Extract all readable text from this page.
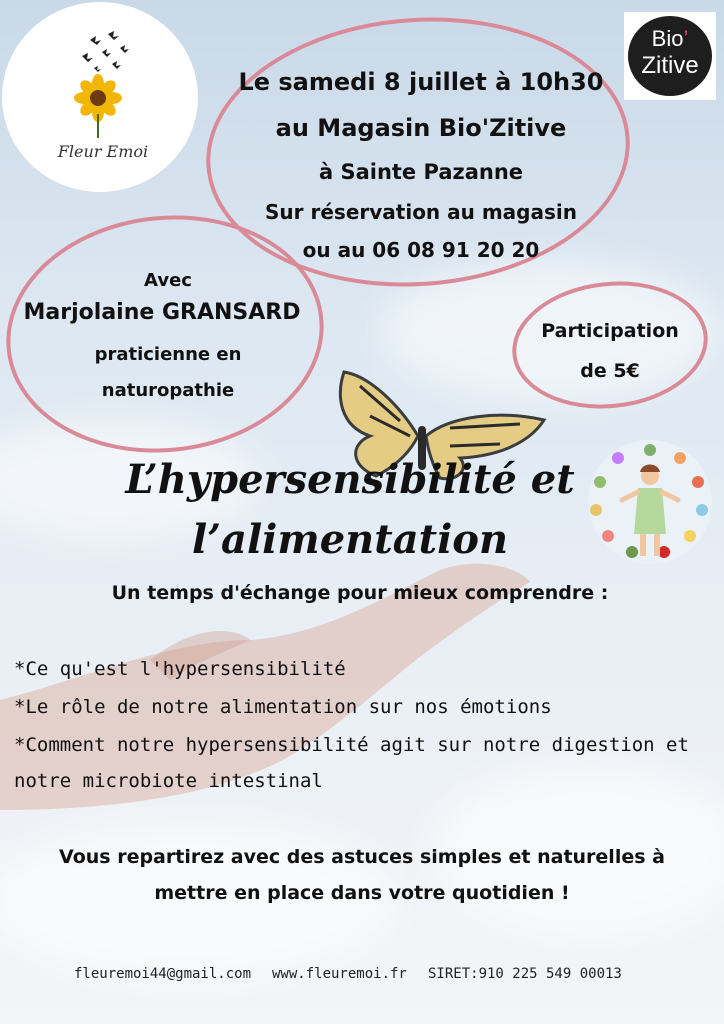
Fleur Emoi
Bio’
Zitive
Le samedi 8 juillet à 10h30
au Magasin Bio'Zitive
à Sainte Pazanne
Sur réservation au magasin
ou au 06 08 91 20 20
Avec
Marjolaine GRANSARD
praticienne en
naturopathie
Participation
de 5€
L’hypersensibilité et
l’alimentation
Un temps d'échange pour mieux comprendre :
*Ce qu'est l'hypersensibilité
*Le rôle de notre alimentation sur nos émotions
*Comment notre hypersensibilité agit sur notre digestion et
notre microbiote intestinal
Vous repartirez avec des astuces simples et naturelles à
mettre en place dans votre quotidien !
fleuremoi44@gmail.com www.fleuremoi.fr SIRET:910 225 549 00013
